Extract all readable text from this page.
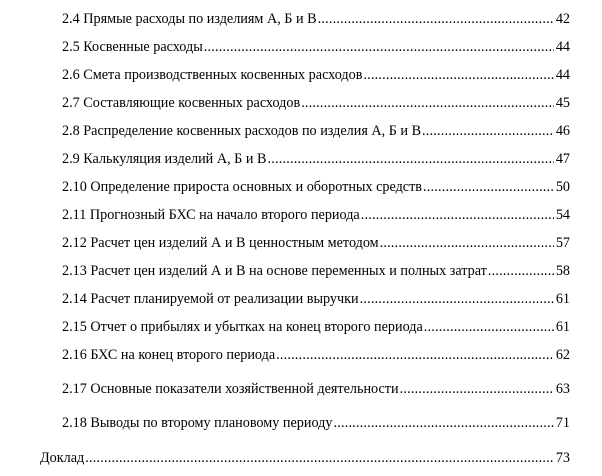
2.4 Прямые расходы по изделиям А, Б и В .....	42
2.5 Косвенные расходы .....	44
2.6 Смета производственных косвенных расходов .....	44
2.7 Составляющие косвенных расходов .....	45
2.8 Распределение косвенных расходов по изделия А, Б и В .....	46
2.9 Калькуляция изделий А, Б и В .....	47
2.10 Определение прироста основных и оборотных средств .....	50
2.11 Прогнозный БХС на начало второго периода .....	54
2.12 Расчет цен изделий А и В ценностным методом .....	57
2.13 Расчет цен изделий А и В на основе переменных и полных затрат .....	58
2.14 Расчет планируемой от реализации выручки .....	61
2.15 Отчет о прибылях и убытках на конец второго периода .....	61
2.16 БХС на конец второго периода .....	62
2.17 Основные показатели хозяйственной деятельности .....	63
2.18 Выводы по второму плановому периоду .....	71
Доклад .....	73
